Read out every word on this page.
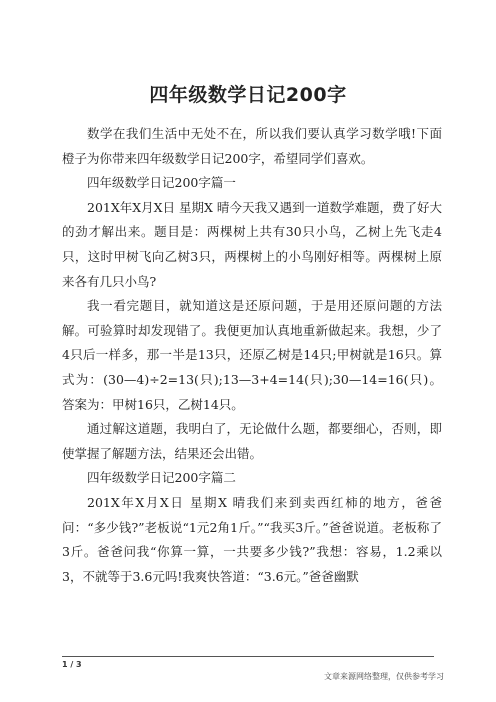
四年级数学日记200字

数学在我们生活中无处不在，所以我们要认真学习数学哦!下面橙子为你带来四年级数学日记200字，希望同学们喜欢。

四年级数学日记200字篇一

201X年X月X日 星期X 晴今天我又遇到一道数学难题，费了好大的劲才解出来。题目是：两棵树上共有30只小鸟，乙树上先飞走4只，这时甲树飞向乙树3只，两棵树上的小鸟刚好相等。两棵树上原来各有几只小鸟?

我一看完题目，就知道这是还原问题，于是用还原问题的方法解。可验算时却发现错了。我便更加认真地重新做起来。我想，少了4只后一样多，那一半是13只，还原乙树是14只;甲树就是16只。算式为：(30—4)÷2=13(只);13—3+4=14(只);30—14=16(只)。答案为：甲树16只，乙树14只。

通过解这道题，我明白了，无论做什么题，都要细心，否则，即使掌握了解题方法，结果还会出错。

四年级数学日记200字篇二

201X年X月X日 星期X 晴我们来到卖西红柿的地方，爸爸问：“多少钱?”老板说“1元2角1斤。”“我买3斤。”爸爸说道。老板称了3斤。爸爸问我“你算一算，一共要多少钱?”我想：容易，1.2乘以3，不就等于3.6元吗!我爽快答道：“3.6元。”爸爸幽默

1 / 3
文章来源网络整理，仅供参考学习
